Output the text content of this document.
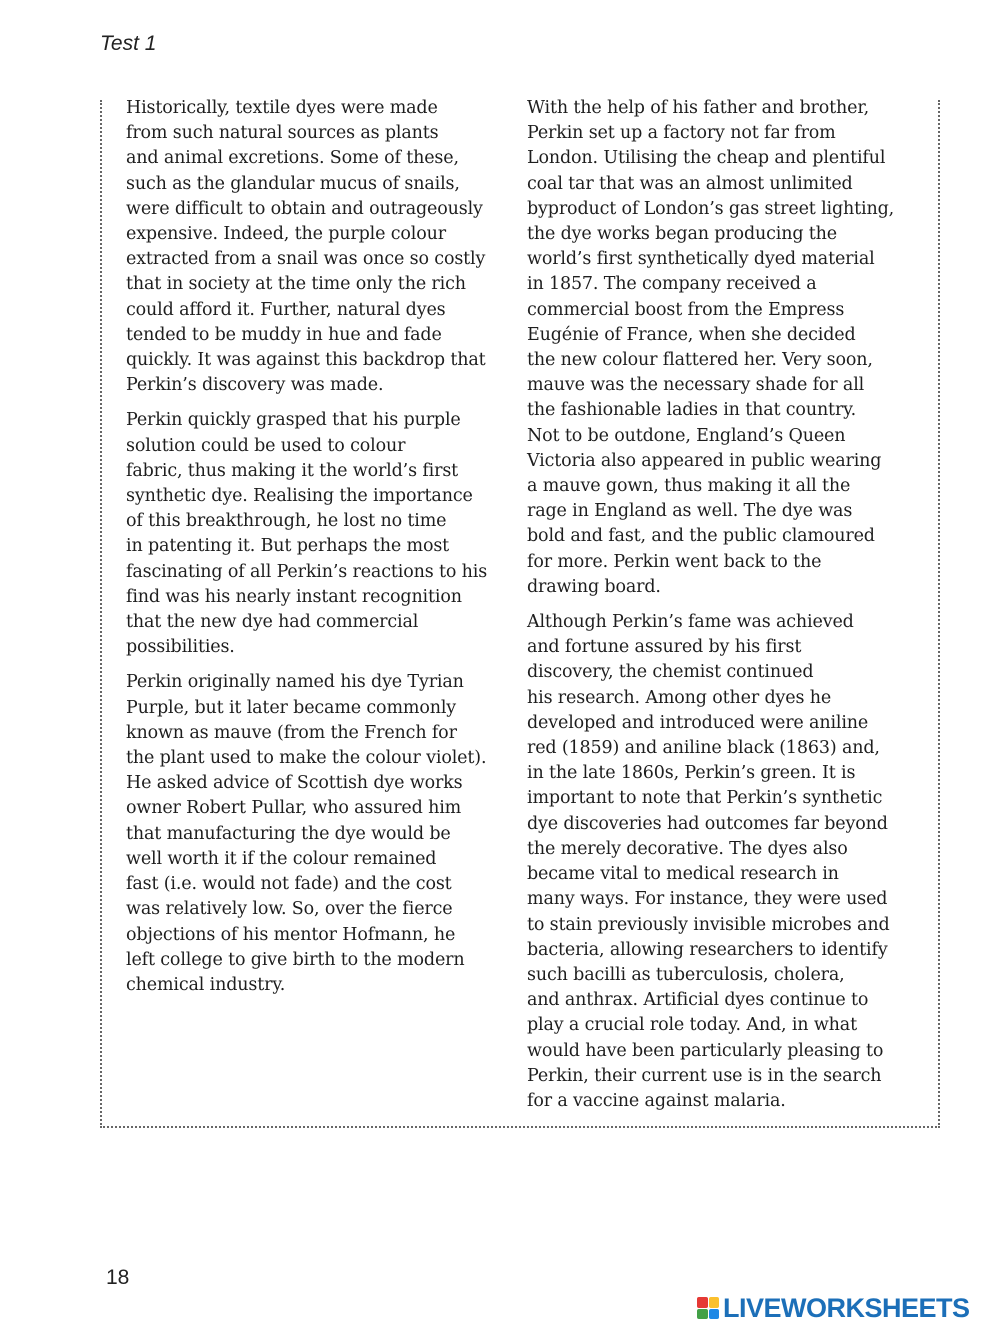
Test 1

Historically, textile dyes were made
from such natural sources as plants
and animal excretions. Some of these,
such as the glandular mucus of snails,
were difficult to obtain and outrageously
expensive. Indeed, the purple colour
extracted from a snail was once so costly
that in society at the time only the rich
could afford it. Further, natural dyes
tended to be muddy in hue and fade
quickly. It was against this backdrop that
Perkin’s discovery was made.

Perkin quickly grasped that his purple
solution could be used to colour
fabric, thus making it the world’s first
synthetic dye. Realising the importance
of this breakthrough, he lost no time
in patenting it. But perhaps the most
fascinating of all Perkin’s reactions to his
find was his nearly instant recognition
that the new dye had commercial
possibilities.

Perkin originally named his dye Tyrian
Purple, but it later became commonly
known as mauve (from the French for
the plant used to make the colour violet).
He asked advice of Scottish dye works
owner Robert Pullar, who assured him
that manufacturing the dye would be
well worth it if the colour remained
fast (i.e. would not fade) and the cost
was relatively low. So, over the fierce
objections of his mentor Hofmann, he
left college to give birth to the modern
chemical industry.

With the help of his father and brother,
Perkin set up a factory not far from
London. Utilising the cheap and plentiful
coal tar that was an almost unlimited
byproduct of London’s gas street lighting,
the dye works began producing the
world’s first synthetically dyed material
in 1857. The company received a
commercial boost from the Empress
Eugénie of France, when she decided
the new colour flattered her. Very soon,
mauve was the necessary shade for all
the fashionable ladies in that country.
Not to be outdone, England’s Queen
Victoria also appeared in public wearing
a mauve gown, thus making it all the
rage in England as well. The dye was
bold and fast, and the public clamoured
for more. Perkin went back to the
drawing board.

Although Perkin’s fame was achieved
and fortune assured by his first
discovery, the chemist continued
his research. Among other dyes he
developed and introduced were aniline
red (1859) and aniline black (1863) and,
in the late 1860s, Perkin’s green. It is
important to note that Perkin’s synthetic
dye discoveries had outcomes far beyond
the merely decorative. The dyes also
became vital to medical research in
many ways. For instance, they were used
to stain previously invisible microbes and
bacteria, allowing researchers to identify
such bacilli as tuberculosis, cholera,
and anthrax. Artificial dyes continue to
play a crucial role today. And, in what
would have been particularly pleasing to
Perkin, their current use is in the search
for a vaccine against malaria.

18
LIVEWORKSHEETS
